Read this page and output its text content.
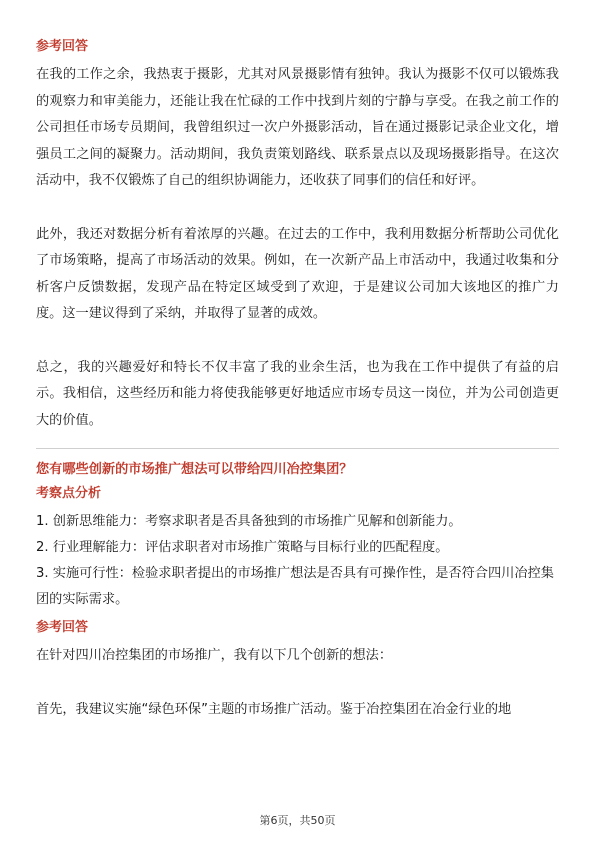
参考回答

在我的工作之余，我热衷于摄影，尤其对风景摄影情有独钟。我认为摄影不仅可以锻炼我的观察力和审美能力，还能让我在忙碌的工作中找到片刻的宁静与享受。在我之前工作的公司担任市场专员期间，我曾组织过一次户外摄影活动，旨在通过摄影记录企业文化，增强员工之间的凝聚力。活动期间，我负责策划路线、联系景点以及现场摄影指导。在这次活动中，我不仅锻炼了自己的组织协调能力，还收获了同事们的信任和好评。

此外，我还对数据分析有着浓厚的兴趣。在过去的工作中，我利用数据分析帮助公司优化了市场策略，提高了市场活动的效果。例如，在一次新产品上市活动中，我通过收集和分析客户反馈数据，发现产品在特定区域受到了欢迎，于是建议公司加大该地区的推广力度。这一建议得到了采纳，并取得了显著的成效。

总之，我的兴趣爱好和特长不仅丰富了我的业余生活，也为我在工作中提供了有益的启示。我相信，这些经历和能力将使我能够更好地适应市场专员这一岗位，并为公司创造更大的价值。

您有哪些创新的市场推广想法可以带给四川冶控集团？
考察点分析

1. 创新思维能力：考察求职者是否具备独到的市场推广见解和创新能力。

2. 行业理解能力：评估求职者对市场推广策略与目标行业的匹配程度。

3. 实施可行性：检验求职者提出的市场推广想法是否具有可操作性，是否符合四川冶控集团的实际需求。

参考回答

在针对四川冶控集团的市场推广，我有以下几个创新的想法：

首先，我建议实施“绿色环保”主题的市场推广活动。鉴于冶控集团在冶金行业的地

第6页，共50页
